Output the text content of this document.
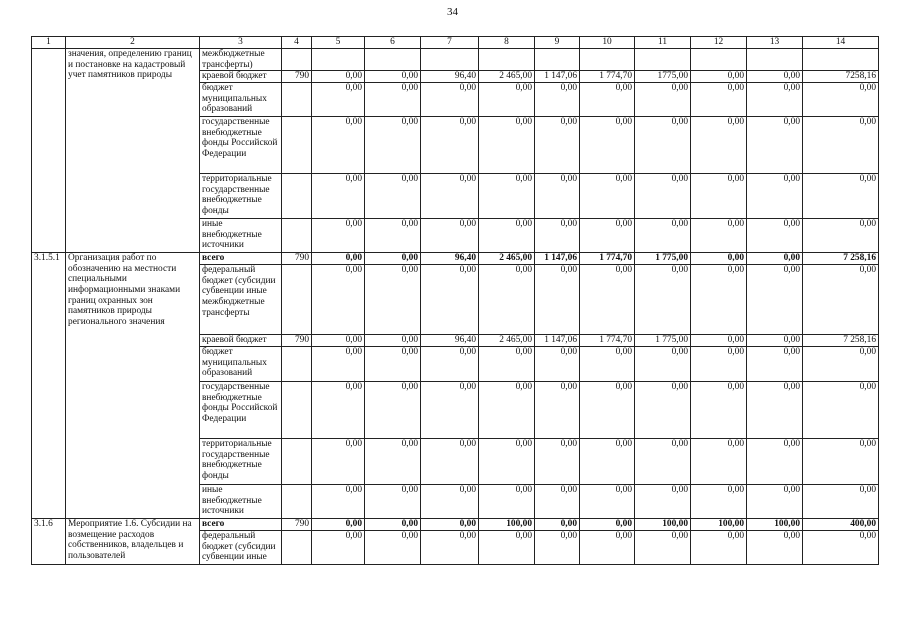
34
1	2	3	4	5	6	7	8	9	10	11	12	13	14
	значения, определению границ и постановке на кадастровый учет памятников природы	межбюджетные трансферты)											
		краевой бюджет	790	0,00	0,00	96,40	2 465,00	1 147,06	1 774,70	1775,00	0,00	0,00	7258,16
		бюджет муниципальных образований		0,00	0,00	0,00	0,00	0,00	0,00	0,00	0,00	0,00	0,00
		государственные внебюджетные фонды Российской Федерации		0,00	0,00	0,00	0,00	0,00	0,00	0,00	0,00	0,00	0,00
		территориальные государственные внебюджетные фонды		0,00	0,00	0,00	0,00	0,00	0,00	0,00	0,00	0,00	0,00
		иные внебюджетные источники		0,00	0,00	0,00	0,00	0,00	0,00	0,00	0,00	0,00	0,00
3.1.5.1	Организация работ по обозначению на местности специальными информационными знаками границ охранных зон памятников природы регионального значения	всего	790	0,00	0,00	96,40	2 465,00	1 147,06	1 774,70	1 775,00	0,00	0,00	7 258,16
		федеральный бюджет (субсидии субвенции иные межбюджетные трансферты		0,00	0,00	0,00	0,00	0,00	0,00	0,00	0,00	0,00	0,00
		краевой бюджет	790	0,00	0,00	96,40	2 465,00	1 147,06	1 774,70	1 775,00	0,00	0,00	7 258,16
		бюджет муниципальных образований		0,00	0,00	0,00	0,00	0,00	0,00	0,00	0,00	0,00	0,00
		государственные внебюджетные фонды Российской Федерации		0,00	0,00	0,00	0,00	0,00	0,00	0,00	0,00	0,00	0,00
		территориальные государственные внебюджетные фонды		0,00	0,00	0,00	0,00	0,00	0,00	0,00	0,00	0,00	0,00
		иные внебюджетные источники		0,00	0,00	0,00	0,00	0,00	0,00	0,00	0,00	0,00	0,00
3.1.6	Мероприятие 1.6. Субсидии на возмещение расходов собственников, владельцев и пользователей	всего	790	0,00	0,00	0,00	100,00	0,00	0,00	100,00	100,00	100,00	400,00
		федеральный бюджет (субсидии субвенции иные		0,00	0,00	0,00	0,00	0,00	0,00	0,00	0,00	0,00	0,00
